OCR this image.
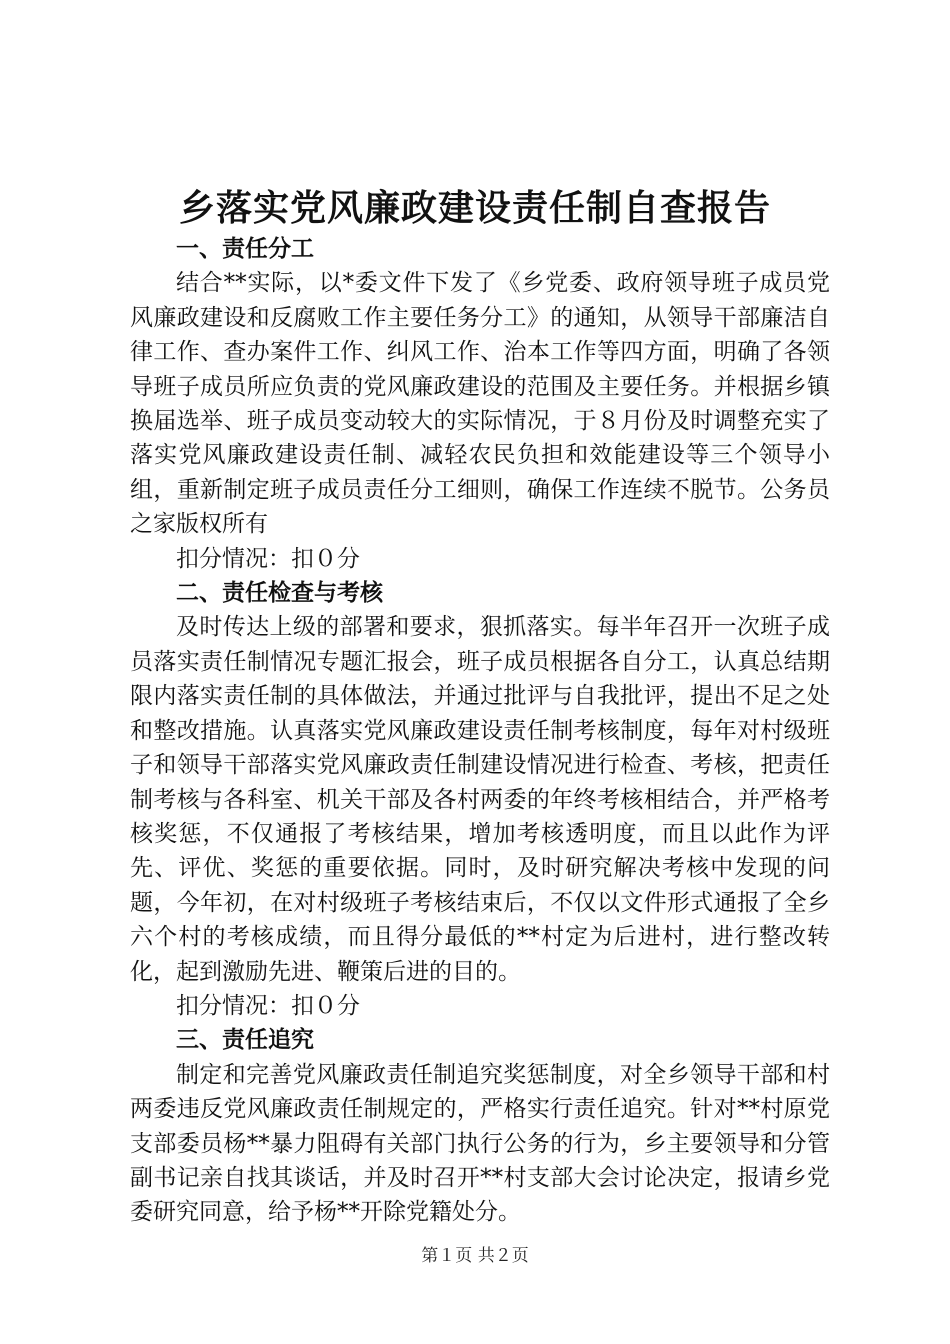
乡落实党风廉政建设责任制自查报告

一、责任分工

结合**实际，以*委文件下发了《乡党委、政府领导班子成员党风廉政建设和反腐败工作主要任务分工》的通知，从领导干部廉洁自律工作、查办案件工作、纠风工作、治本工作等四方面，明确了各领导班子成员所应负责的党风廉政建设的范围及主要任务。并根据乡镇换届选举、班子成员变动较大的实际情况，于８月份及时调整充实了落实党风廉政建设责任制、减轻农民负担和效能建设等三个领导小组，重新制定班子成员责任分工细则，确保工作连续不脱节。公务员之家版权所有

扣分情况：扣０分

二、责任检查与考核

及时传达上级的部署和要求，狠抓落实。每半年召开一次班子成员落实责任制情况专题汇报会，班子成员根据各自分工，认真总结期限内落实责任制的具体做法，并通过批评与自我批评，提出不足之处和整改措施。认真落实党风廉政建设责任制考核制度，每年对村级班子和领导干部落实党风廉政责任制建设情况进行检查、考核，把责任制考核与各科室、机关干部及各村两委的年终考核相结合，并严格考核奖惩，不仅通报了考核结果，增加考核透明度，而且以此作为评先、评优、奖惩的重要依据。同时，及时研究解决考核中发现的问题，今年初，在对村级班子考核结束后，不仅以文件形式通报了全乡六个村的考核成绩，而且得分最低的**村定为后进村，进行整改转化，起到激励先进、鞭策后进的目的。

扣分情况：扣０分

三、责任追究

制定和完善党风廉政责任制追究奖惩制度，对全乡领导干部和村两委违反党风廉政责任制规定的，严格实行责任追究。针对**村原党支部委员杨**暴力阻碍有关部门执行公务的行为，乡主要领导和分管副书记亲自找其谈话，并及时召开**村支部大会讨论决定，报请乡党委研究同意，给予杨**开除党籍处分。

第１页 共２页
